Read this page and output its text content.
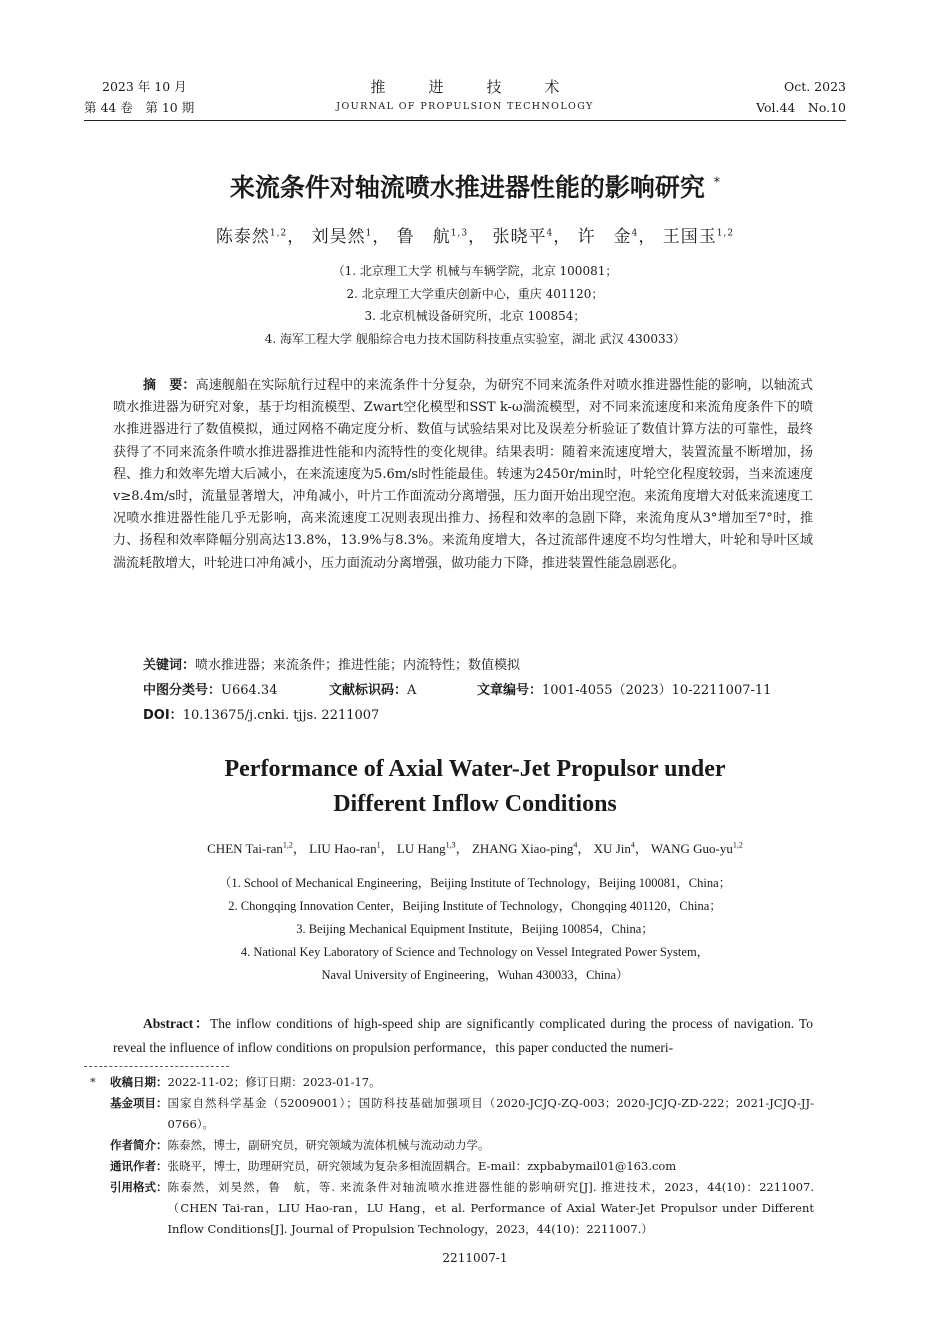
2023 年 10 月
第 44 卷　第 10 期
推　进　技　术
JOURNAL OF PROPULSION TECHNOLOGY
Oct. 2023
Vol.44　No.10
来流条件对轴流喷水推进器性能的影响研究 *
陈泰然$^{1,2}$， 刘昊然$^1$， 鲁　航$^{1,3}$， 张晓平$^4$， 许　金$^4$， 王国玉$^{1,2}$
（1. 北京理工大学 机械与车辆学院，北京 100081；
2. 北京理工大学重庆创新中心，重庆 401120；
3. 北京机械设备研究所，北京 100854；
4. 海军工程大学 舰船综合电力技术国防科技重点实验室，湖北 武汉 430033）
摘　要：高速舰船在实际航行过程中的来流条件十分复杂，为研究不同来流条件对喷水推进器性能的影响，以轴流式喷水推进器为研究对象，基于均相流模型、Zwart空化模型和SST k-ω湍流模型，对不同来流速度和来流角度条件下的喷水推进器进行了数值模拟，通过网格不确定度分析、数值与试验结果对比及误差分析验证了数值计算方法的可靠性，最终获得了不同来流条件喷水推进器推进性能和内流特性的变化规律。结果表明：随着来流速度增大，装置流量不断增加，扬程、推力和效率先增大后减小，在来流速度为5.6m/s时性能最佳。转速为2450r/min时，叶轮空化程度较弱，当来流速度v≥8.4m/s时，流量显著增大，冲角减小，叶片工作面流动分离增强，压力面开始出现空泡。来流角度增大对低来流速度工况喷水推进器性能几乎无影响，高来流速度工况则表现出推力、扬程和效率的急剧下降，来流角度从3°增加至7°时，推力、扬程和效率降幅分别高达13.8%，13.9%与8.3%。来流角度增大，各过流部件速度不均匀性增大，叶轮和导叶区域湍流耗散增大，叶轮进口冲角减小，压力面流动分离增强，做功能力下降，推进装置性能急剧恶化。
关键词：喷水推进器；来流条件；推进性能；内流特性；数值模拟
中图分类号：U664.34	文献标识码：A	文章编号：1001-4055（2023）10-2211007-11
DOI：10.13675/j.cnki. tjjs. 2211007
Performance of Axial Water-Jet Propulsor under
Different Inflow Conditions
CHEN Tai-ran$^{1,2}$， LIU Hao-ran$^1$， LU Hang$^{1,3}$， ZHANG Xiao-ping$^4$， XU Jin$^4$， WANG Guo-yu$^{1,2}$
（1. School of Mechanical Engineering，Beijing Institute of Technology，Beijing 100081，China；
2. Chongqing Innovation Center，Beijing Institute of Technology，Chongqing 401120，China；
3. Beijing Mechanical Equipment Institute，Beijing 100854，China；
4. National Key Laboratory of Science and Technology on Vessel Integrated Power System，
Naval University of Engineering，Wuhan 430033，China）
Abstract：The inflow conditions of high-speed ship are significantly complicated during the process of navigation. To reveal the influence of inflow conditions on propulsion performance，this paper conducted the numeri-
*	收稿日期： 2022-11-02；修订日期：2023-01-17。
基金项目： 国家自然科学基金（52009001）；国防科技基础加强项目（2020-JCJQ-ZQ-003；2020-JCJQ-ZD-222；2021-JCJQ-JJ-0766）。
作者简介： 陈泰然，博士，副研究员，研究领域为流体机械与流动动力学。
通讯作者： 张晓平，博士，助理研究员，研究领域为复杂多相流固耦合。E-mail：zxpbabymail01@163.com
引用格式： 陈泰然，刘昊然，鲁　航，等. 来流条件对轴流喷水推进器性能的影响研究[J]. 推进技术，2023，44(10)：2211007. （CHEN Tai-ran，LIU Hao-ran，LU Hang，et al. Performance of Axial Water-Jet Propulsor under Different Inflow Conditions[J]. Journal of Propulsion Technology，2023，44(10)：2211007.）
2211007-1
